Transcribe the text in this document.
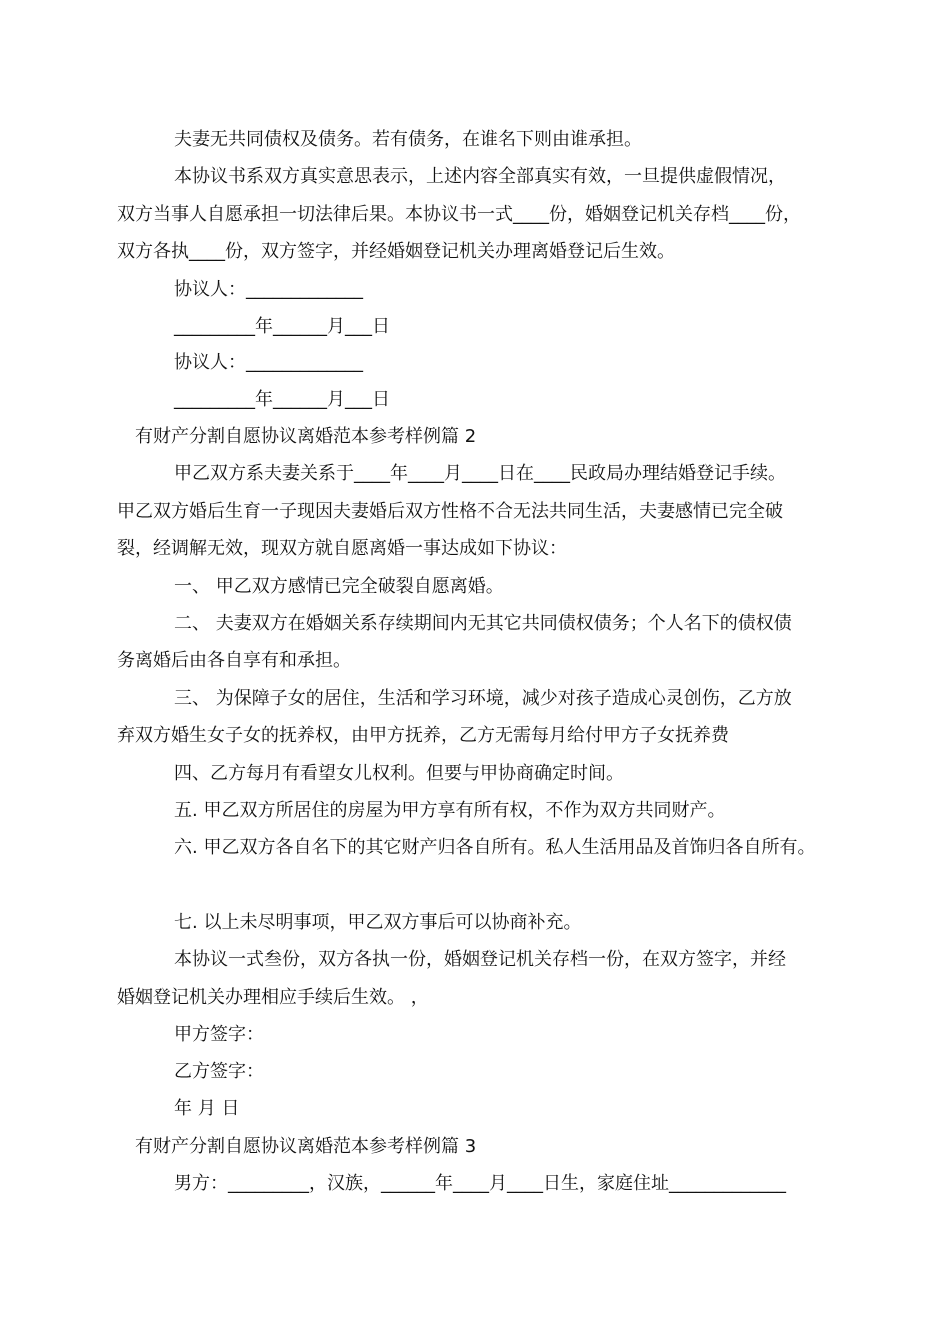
夫妻无共同债权及债务。若有债务，在谁名下则由谁承担。
本协议书系双方真实意思表示，上述内容全部真实有效，一旦提供虚假情况，
双方当事人自愿承担一切法律后果。本协议书一式____份，婚姻登记机关存档____份，
双方各执____份，双方签字，并经婚姻登记机关办理离婚登记后生效。
协议人：_____________
_________年______月___日
协议人：_____________
_________年______月___日
有财产分割自愿协议离婚范本参考样例篇 2
甲乙双方系夫妻关系于____年____月____日在____民政局办理结婚登记手续。
甲乙双方婚后生育一子现因夫妻婚后双方性格不合无法共同生活，夫妻感情已完全破
裂，经调解无效，现双方就自愿离婚一事达成如下协议：
一、 甲乙双方感情已完全破裂自愿离婚。
二、 夫妻双方在婚姻关系存续期间内无其它共同债权债务；个人名下的债权债
务离婚后由各自享有和承担。
三、 为保障子女的居住，生活和学习环境，减少对孩子造成心灵创伤，乙方放
弃双方婚生女子女的抚养权，由甲方抚养，乙方无需每月给付甲方子女抚养费
四、乙方每月有看望女儿权利。但要与甲协商确定时间。
五. 甲乙双方所居住的房屋为甲方享有所有权，不作为双方共同财产。
六. 甲乙双方各自名下的其它财产归各自所有。私人生活用品及首饰归各自所有。
七. 以上未尽明事项，甲乙双方事后可以协商补充。
本协议一式叁份，双方各执一份，婚姻登记机关存档一份，在双方签字，并经
婚姻登记机关办理相应手续后生效。 ，
甲方签字：
乙方签字：
年 月 日
有财产分割自愿协议离婚范本参考样例篇 3
男方：_________，汉族，______年____月____日生，家庭住址_____________
